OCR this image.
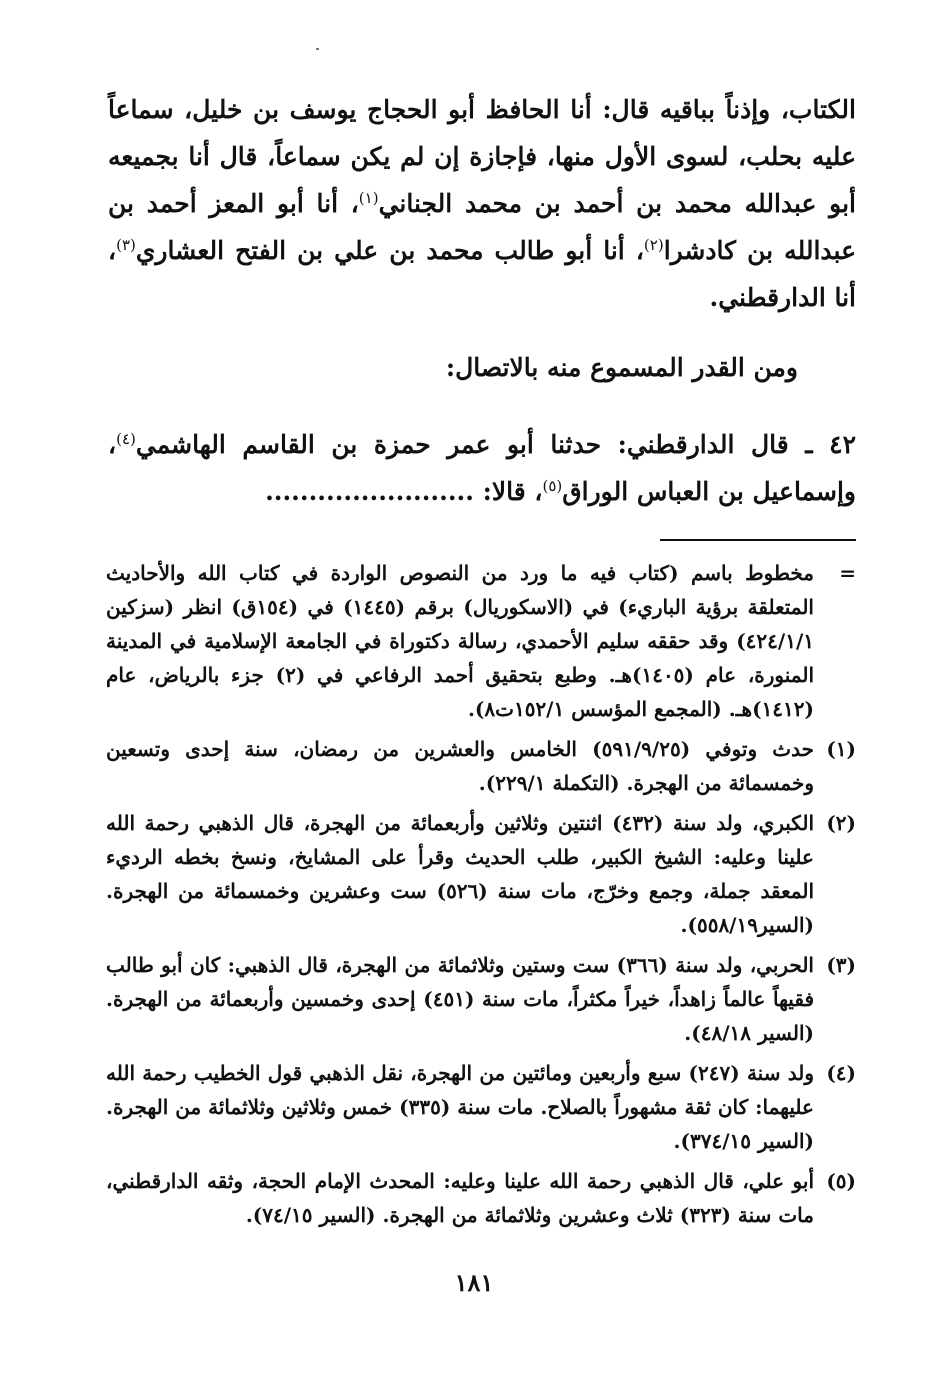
الكتاب، وإذناً بباقيه قال: أنا الحافظ أبو الحجاج يوسف بن خليل، سماعاً عليه بحلب، لسوى الأول منها، فإجازة إن لم يكن سماعاً، قال أنا بجميعه أبو عبدالله محمد بن أحمد بن محمد الجناني$^{(١)}$، أنا أبو المعز أحمد بن عبدالله بن كادشرا$^{(٢)}$، أنا أبو طالب محمد بن علي بن الفتح العشاري$^{(٣)}$، أنا الدارقطني.

ومن القدر المسموع منه بالاتصال:

٤٢ ـ قال الدارقطني: حدثنا أبو عمر حمزة بن القاسم الهاشمي$^{(٤)}$، وإسماعيل بن العباس الوراق$^{(٥)}$، قالا: ........................

=
مخطوط باسم (كتاب فيه ما ورد من النصوص الواردة في كتاب الله والأحاديث المتعلقة برؤية الباريء) في (الاسكوريال) برقم (١٤٤٥) في (١٥٤ق) انظر (سزكين ٤٢٤/١/١) وقد حققه سليم الأحمدي، رسالة دكتوراة في الجامعة الإسلامية في المدينة المنورة، عام (١٤٠٥)هـ. وطبع بتحقيق أحمد الرفاعي في (٢) جزء بالرياض، عام (١٤١٢)هـ. (المجمع المؤسس ١٥٢/١ت٨).
(١)
حدث وتوفي (٥٩١/٩/٢٥) الخامس والعشرين من رمضان، سنة إحدى وتسعين وخمسمائة من الهجرة. (التكملة ٢٢٩/١).
(٢)
الكبري، ولد سنة (٤٣٢) اثنتين وثلاثين وأربعمائة من الهجرة، قال الذهبي رحمة الله علينا وعليه: الشيخ الكبير، طلب الحديث وقرأ على المشايخ، ونسخ بخطه الرديء المعقد جملة، وجمع وخرّج، مات سنة (٥٢٦) ست وعشرين وخمسمائة من الهجرة. (السير٥٥٨/١٩).
(٣)
الحربي، ولد سنة (٣٦٦) ست وستين وثلاثمائة من الهجرة، قال الذهبي: كان أبو طالب فقيهاً عالماً زاهداً، خيراً مكثراً، مات سنة (٤٥١) إحدى وخمسين وأربعمائة من الهجرة. (السير ٤٨/١٨).
(٤)
ولد سنة (٢٤٧) سبع وأربعين ومائتين من الهجرة، نقل الذهبي قول الخطيب رحمة الله عليهما: كان ثقة مشهوراً بالصلاح. مات سنة (٣٣٥) خمس وثلاثين وثلاثمائة من الهجرة. (السير ٣٧٤/١٥).
(٥)
أبو علي، قال الذهبي رحمة الله علينا وعليه: المحدث الإمام الحجة، وثقه الدارقطني، مات سنة (٣٢٣) ثلاث وعشرين وثلاثمائة من الهجرة. (السير ٧٤/١٥).
١٨١
